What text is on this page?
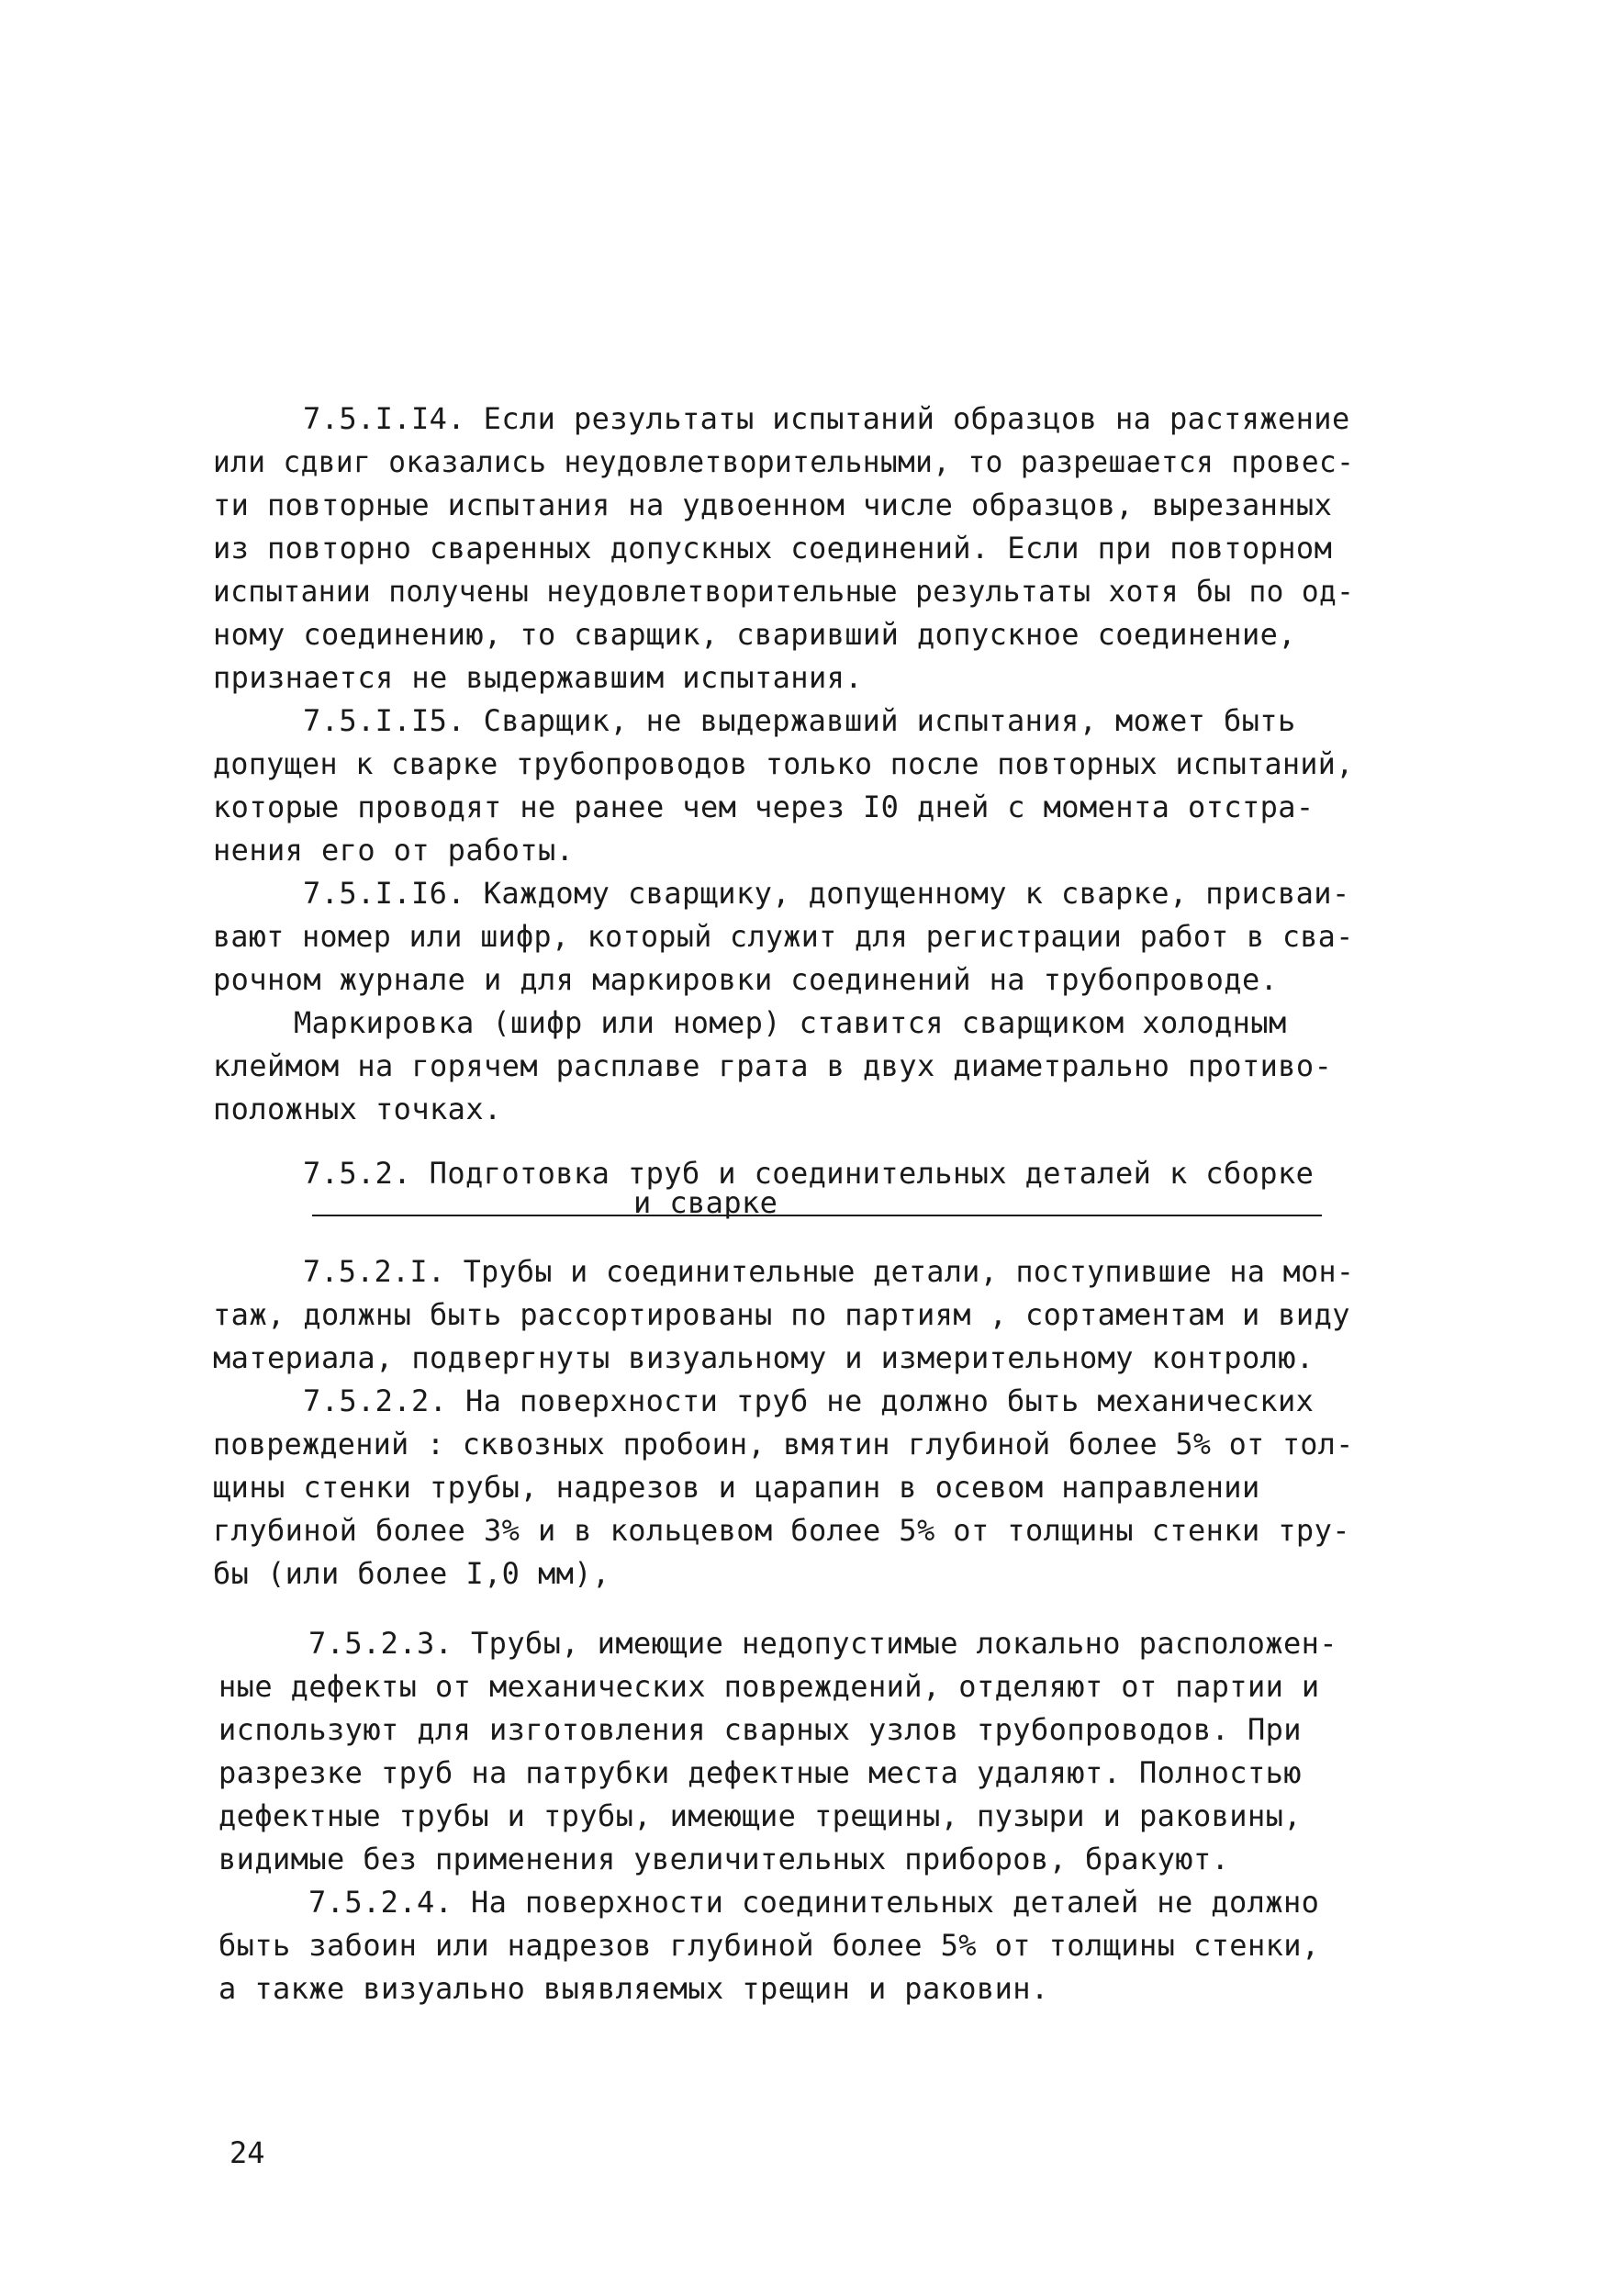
7.5.I.I4. Если результаты испытаний образцов на растяжение
или сдвиг оказались неудовлетворительными, то разрешается провес-
ти повторные испытания на удвоенном числе образцов, вырезанных
из повторно сваренных допускных соединений. Если при повторном
испытании получены неудовлетворительные результаты хотя бы по од-
ному соединению, то сварщик, сваривший допускное соединение,
признается не выдержавшим испытания.
7.5.I.I5. Сварщик, не выдержавший испытания, может быть
допущен к сварке трубопроводов только после повторных испытаний,
которые проводят не ранее чем через I0 дней с момента отстра-
нения его от работы.
7.5.I.I6. Каждому сварщику, допущенному к сварке, присваи-
вают номер или шифр, который служит для регистрации работ в сва-
рочном журнале и для маркировки соединений на трубопроводе.
Маркировка (шифр или номер) ставится сварщиком холодным
клеймом на горячем расплаве грата в двух диаметрально противо-
положных точках.
7.5.2. Подготовка труб и соединительных деталей к сборке
и сварке
7.5.2.I. Трубы и соединительные детали, поступившие на мон-
таж, должны быть рассортированы по партиям , сортаментам и виду
материала, подвергнуты визуальному и измерительному контролю.
7.5.2.2. На поверхности труб не должно быть механических
повреждений : сквозных пробоин, вмятин глубиной более 5% от тол-
щины стенки трубы, надрезов и царапин в осевом направлении
глубиной более 3% и в кольцевом более 5% от толщины стенки тру-
бы (или более I,0 мм),
7.5.2.3. Трубы, имеющие недопустимые локально расположен-
ные дефекты от механических повреждений, отделяют от партии и
используют для изготовления сварных узлов трубопроводов. При
разрезке труб на патрубки дефектные места удаляют. Полностью
дефектные трубы и трубы, имеющие трещины, пузыри и раковины,
видимые без применения увеличительных приборов, бракуют.
7.5.2.4. На поверхности соединительных деталей не должно
быть забоин или надрезов глубиной более 5% от толщины стенки,
а также визуально выявляемых трещин и раковин.
24
